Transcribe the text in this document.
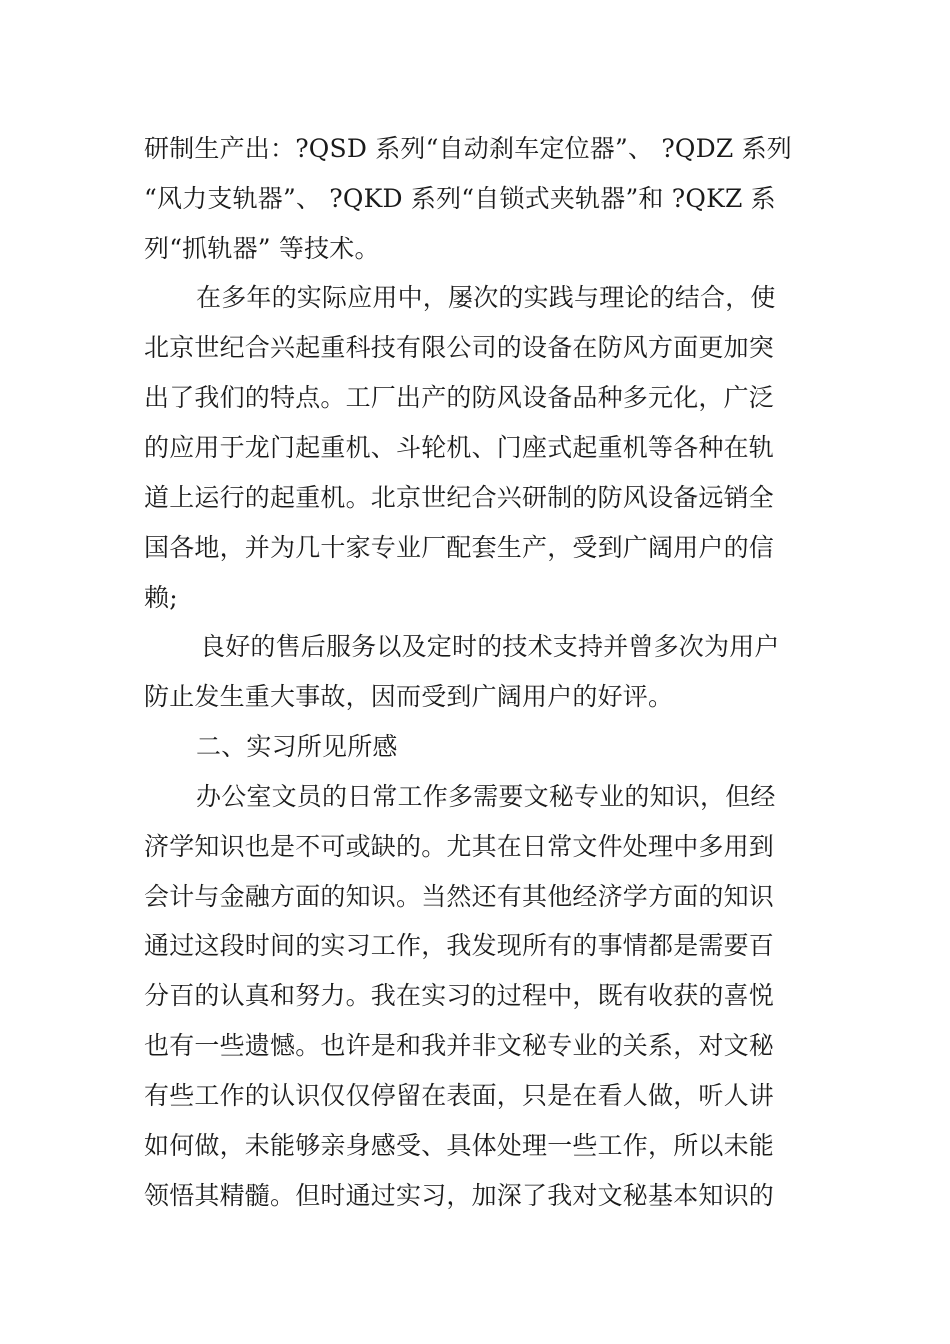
研制生产出：?QSD 系列“自动刹车定位器”、 ?QDZ 系列
“风力支轨器”、 ?QKD 系列“自锁式夹轨器”和 ?QKZ 系
列“抓轨器” 等技术。
在多年的实际应用中，屡次的实践与理论的结合，使
北京世纪合兴起重科技有限公司的设备在防风方面更加突
出了我们的特点。工厂出产的防风设备品种多元化，广泛
的应用于龙门起重机、斗轮机、门座式起重机等各种在轨
道上运行的起重机。北京世纪合兴研制的防风设备远销全
国各地，并为几十家专业厂配套生产，受到广阔用户的信
赖;
良好的售后服务以及定时的技术支持并曾多次为用户
防止发生重大事故，因而受到广阔用户的好评。
二、实习所见所感
办公室文员的日常工作多需要文秘专业的知识，但经
济学知识也是不可或缺的。尤其在日常文件处理中多用到
会计与金融方面的知识。当然还有其他经济学方面的知识
通过这段时间的实习工作，我发现所有的事情都是需要百
分百的认真和努力。我在实习的过程中，既有收获的喜悦
也有一些遗憾。也许是和我并非文秘专业的关系，对文秘
有些工作的认识仅仅停留在表面，只是在看人做，听人讲
如何做，未能够亲身感受、具体处理一些工作，所以未能
领悟其精髓。但时通过实习，加深了我对文秘基本知识的
